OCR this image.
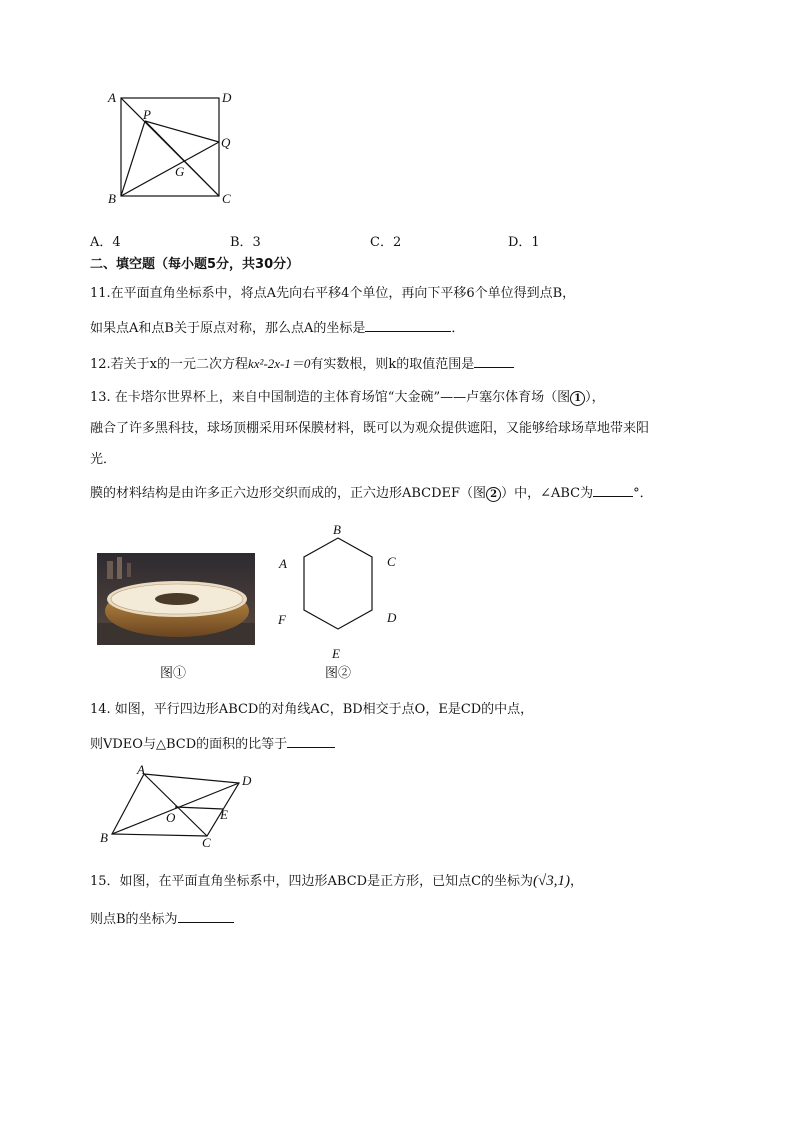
A	D
P
Q
G
B	C
A．4	B．3	C．2	D．1
二、填空题（每小题5分，共30分）
11.在平面直角坐标系中，将点A先向右平移4个单位，再向下平移6个单位得到点B，
如果点A和点B关于原点对称，那么点A的坐标是	．
12.若关于x的一元二次方程kx²-2x-1＝0有实数根，则k的取值范围是
13. 在卡塔尔世界杯上，来自中国制造的主体育场馆“大金碗”——卢塞尔体育场（图 1 ），
融合了许多黑科技，球场顶棚采用环保膜材料，既可以为观众提供遮阳，又能够给球场草地带来阳
光．
膜的材料结构是由许多正六边形交织而成的，正六边形ABCDEF（图 2 ）中，∠ABC为	°．
B
A	C
F	D
E
图①	图②
14. 如图，平行四边形ABCD的对角线AC，BD相交于点O，E是CD的中点，
则VDEO与△BCD的面积的比等于
A
D
O	E
B	C
15．如图，在平面直角坐标系中，四边形ABCD是正方形，已知点C的坐标为(√3,1)，
则点B的坐标为
